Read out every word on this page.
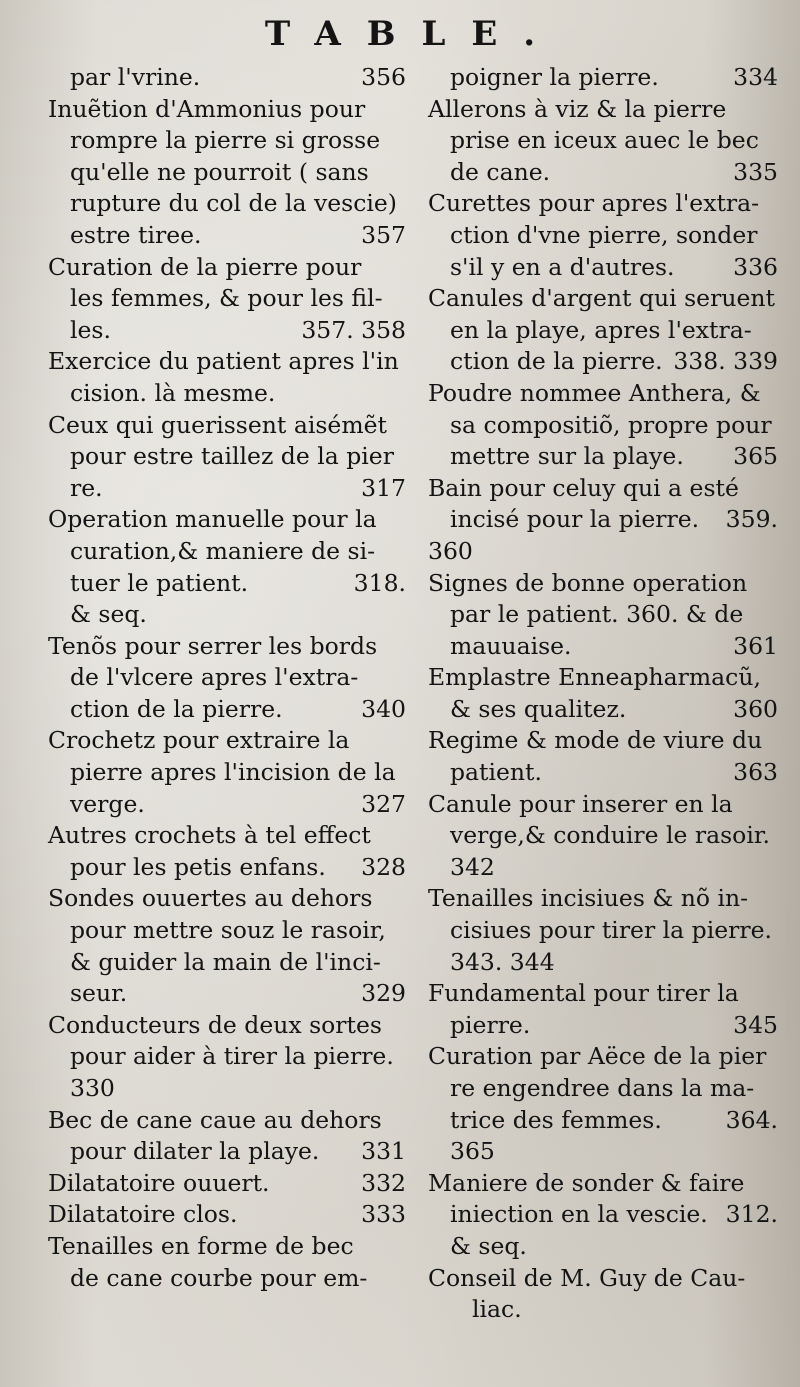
TABLE.
par l'vrine.	356
Inuẽtion d'Ammonius pour
rompre la pierre si grosse
qu'elle ne pourroit ( sans
rupture du col de la vescie)
estre tiree.	357
Curation de la pierre pour
les femmes, & pour les fil-
les.	357. 358
Exercice du patient apres l'in
cision. là mesme.
Ceux qui guerissent aisémẽt
pour estre taillez de la pier
re.	317
Operation manuelle pour la
curation,& maniere de si-
tuer le patient.	318.
& seq.
Tenõs pour serrer les bords
de l'vlcere apres l'extra-
ction de la pierre.	340
Crochetz pour extraire la
pierre apres l'incision de la
verge.	327
Autres crochets à tel effect
pour les petis enfans. 328
Sondes ouuertes au dehors
pour mettre souz le rasoir,
& guider la main de l'inci-
seur.	329
Conducteurs de deux sortes
pour aider à tirer la pierre.
330
Bec de cane caue au dehors
pour dilater la playe. 331
Dilatatoire ouuert.	332
Dilatatoire clos.	333
Tenailles en forme de bec
de cane courbe pour em-
poigner la pierre.	334
Allerons à viz & la pierre
prise en iceux auec le bec
de cane.	335
Curettes pour apres l'extra-
ction d'vne pierre, sonder
s'il y en a d'autres. 336
Canules d'argent qui seruent
en la playe, apres l'extra-
ction de la pierre. 338. 339
Poudre nommee Anthera, &
sa compositiõ, propre pour
mettre sur la playe. 365
Bain pour celuy qui a esté
incisé pour la pierre. 359.
360
Signes de bonne operation
par le patient. 360. & de
mauuaise.	361
Emplastre Enneapharmacũ,
& ses qualitez.	360
Regime & mode de viure du
patient.	363
Canule pour inserer en la
verge,& conduire le rasoir.
342
Tenailles incisiues & nõ in-
cisiues pour tirer la pierre.
343. 344
Fundamental pour tirer la
pierre.	345
Curation par Aëce de la pier
re engendree dans la ma-
trice des femmes.	364.
365
Maniere de sonder & faire
iniection en la vescie. 312.
& seq.
Conseil de M. Guy de Cau-
liac.
